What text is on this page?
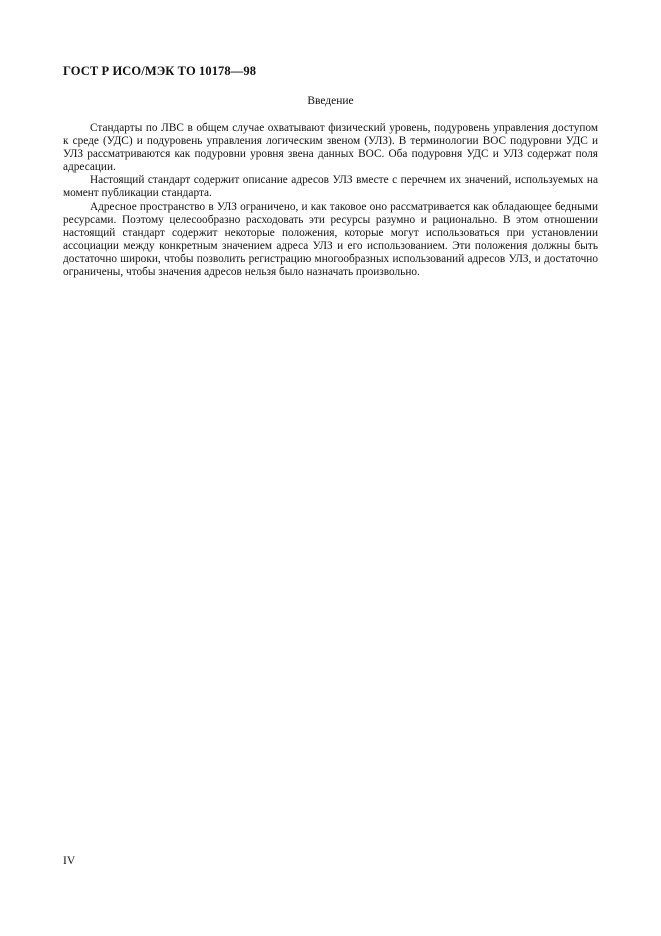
ГОСТ Р ИСО/МЭК ТО 10178—98
Введение

Стандарты по ЛВС в общем случае охватывают физический уровень, подуровень управления доступом к среде (УДС) и подуровень управления логическим звеном (УЛЗ). В терминологии ВОС подуровни УДС и УЛЗ рассматриваются как подуровни уровня звена данных ВОС. Оба подуровня УДС и УЛЗ содержат поля адресации.

Настоящий стандарт содержит описание адресов УЛЗ вместе с перечнем их значений, используемых на момент публикации стандарта.

Адресное пространство в УЛЗ ограничено, и как таковое оно рассматривается как обладающее бедными ресурсами. Поэтому целесообразно расходовать эти ресурсы разумно и рационально. В этом отношении настоящий стандарт содержит некоторые положения, которые могут использоваться при установлении ассоциации между конкретным значением адреса УЛЗ и его использованием. Эти положения должны быть достаточно широки, чтобы позволить регистрацию многообразных использований адресов УЛЗ, и достаточно ограничены, чтобы значения адресов нельзя было назначать произвольно.

IV
